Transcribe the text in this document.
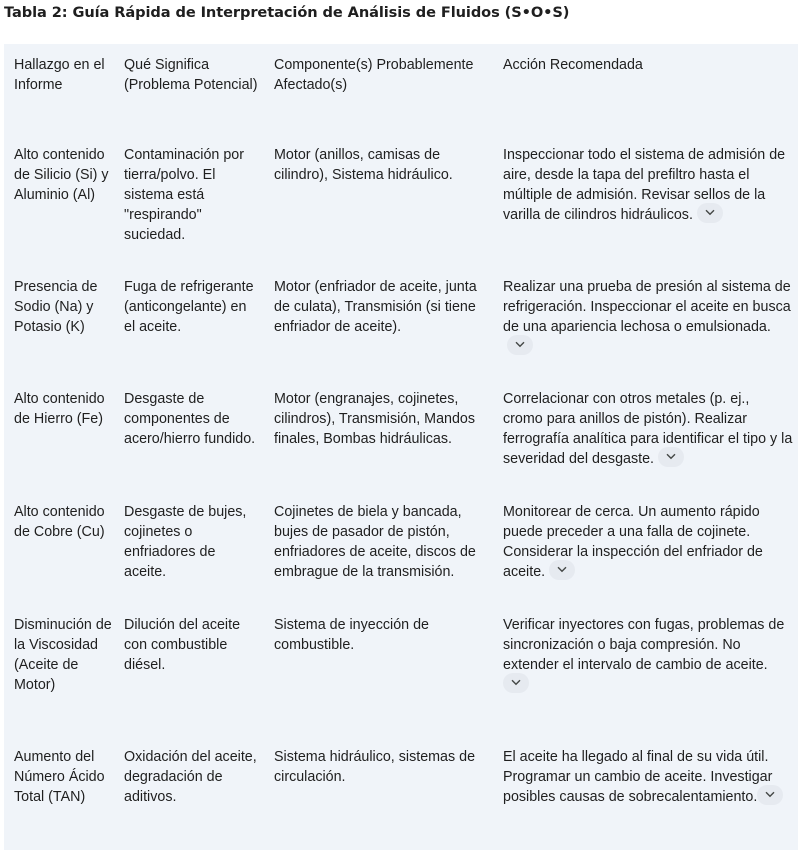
Tabla 2: Guía Rápida de Interpretación de Análisis de Fluidos (S•O•S)
Hallazgo en el Informe
Qué Significa (Problema Potencial)
Componente(s) Probablemente Afectado(s)
Acción Recomendada
Alto contenido de Silicio (Si) y Aluminio (Al)
Contaminación por tierra/polvo. El sistema está "respirando" suciedad.
Motor (anillos, camisas de cilindro), Sistema hidráulico.
Inspeccionar todo el sistema de admisión de aire, desde la tapa del prefiltro hasta el múltiple de admisión. Revisar sellos de la varilla de cilindros hidráulicos.
Presencia de Sodio (Na) y Potasio (K)
Fuga de refrigerante (anticongelante) en el aceite.
Motor (enfriador de aceite, junta de culata), Transmisión (si tiene enfriador de aceite).
Realizar una prueba de presión al sistema de refrigeración. Inspeccionar el aceite en busca de una apariencia lechosa o emulsionada.
Alto contenido de Hierro (Fe)
Desgaste de componentes de acero/hierro fundido.
Motor (engranajes, cojinetes, cilindros), Transmisión, Mandos finales, Bombas hidráulicas.
Correlacionar con otros metales (p. ej., cromo para anillos de pistón). Realizar ferrografía analítica para identificar el tipo y la severidad del desgaste.
Alto contenido de Cobre (Cu)
Desgaste de bujes, cojinetes o enfriadores de aceite.
Cojinetes de biela y bancada, bujes de pasador de pistón, enfriadores de aceite, discos de embrague de la transmisión.
Monitorear de cerca. Un aumento rápido puede preceder a una falla de cojinete. Considerar la inspección del enfriador de aceite.
Disminución de la Viscosidad (Aceite de Motor)
Dilución del aceite con combustible diésel.
Sistema de inyección de combustible.
Verificar inyectores con fugas, problemas de sincronización o baja compresión. No extender el intervalo de cambio de aceite.
Aumento del Número Ácido Total (TAN)
Oxidación del aceite, degradación de aditivos.
Sistema hidráulico, sistemas de circulación.
El aceite ha llegado al final de su vida útil. Programar un cambio de aceite. Investigar posibles causas de sobrecalentamiento.
